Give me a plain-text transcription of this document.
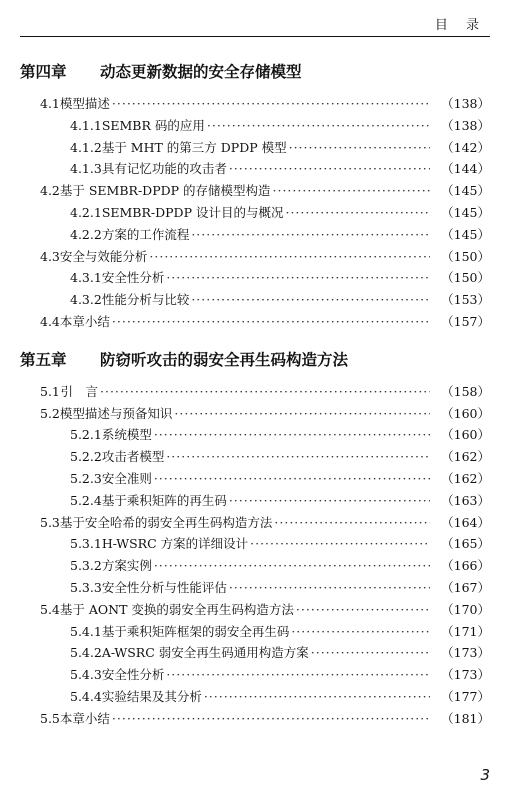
目 录
第四章 动态更新数据的安全存储模型
4.1 模型描述 ·····	（138）
4.1.1 SEMBR 码的应用 ·····	（138）
4.1.2 基于 MHT 的第三方 DPDP 模型 ·····	（142）
4.1.3 具有记忆功能的攻击者 ·····	（144）
4.2 基于 SEMBR-DPDP 的存储模型构造 ·····	（145）
4.2.1 SEMBR-DPDP 设计目的与概况 ·····	（145）
4.2.2 方案的工作流程 ·····	（145）
4.3 安全与效能分析 ·····	（150）
4.3.1 安全性分析 ·····	（150）
4.3.2 性能分析与比较 ·····	（153）
4.4 本章小结 ·····	（157）
第五章 防窃听攻击的弱安全再生码构造方法
5.1 引　言 ·····	（158）
5.2 模型描述与预备知识 ·····	（160）
5.2.1 系统模型 ·····	（160）
5.2.2 攻击者模型 ·····	（162）
5.2.3 安全准则 ·····	（162）
5.2.4 基于乘积矩阵的再生码 ·····	（163）
5.3 基于安全哈希的弱安全再生码构造方法 ·····	（164）
5.3.1 H-WSRC 方案的详细设计 ·····	（165）
5.3.2 方案实例 ·····	（166）
5.3.3 安全性分析与性能评估 ·····	（167）
5.4 基于 AONT 变换的弱安全再生码构造方法 ·····	（170）
5.4.1 基于乘积矩阵框架的弱安全再生码 ·····	（171）
5.4.2 A-WSRC 弱安全再生码通用构造方案 ·····	（173）
5.4.3 安全性分析 ·····	（173）
5.4.4 实验结果及其分析 ·····	（177）
5.5 本章小结 ·····	（181）
3
